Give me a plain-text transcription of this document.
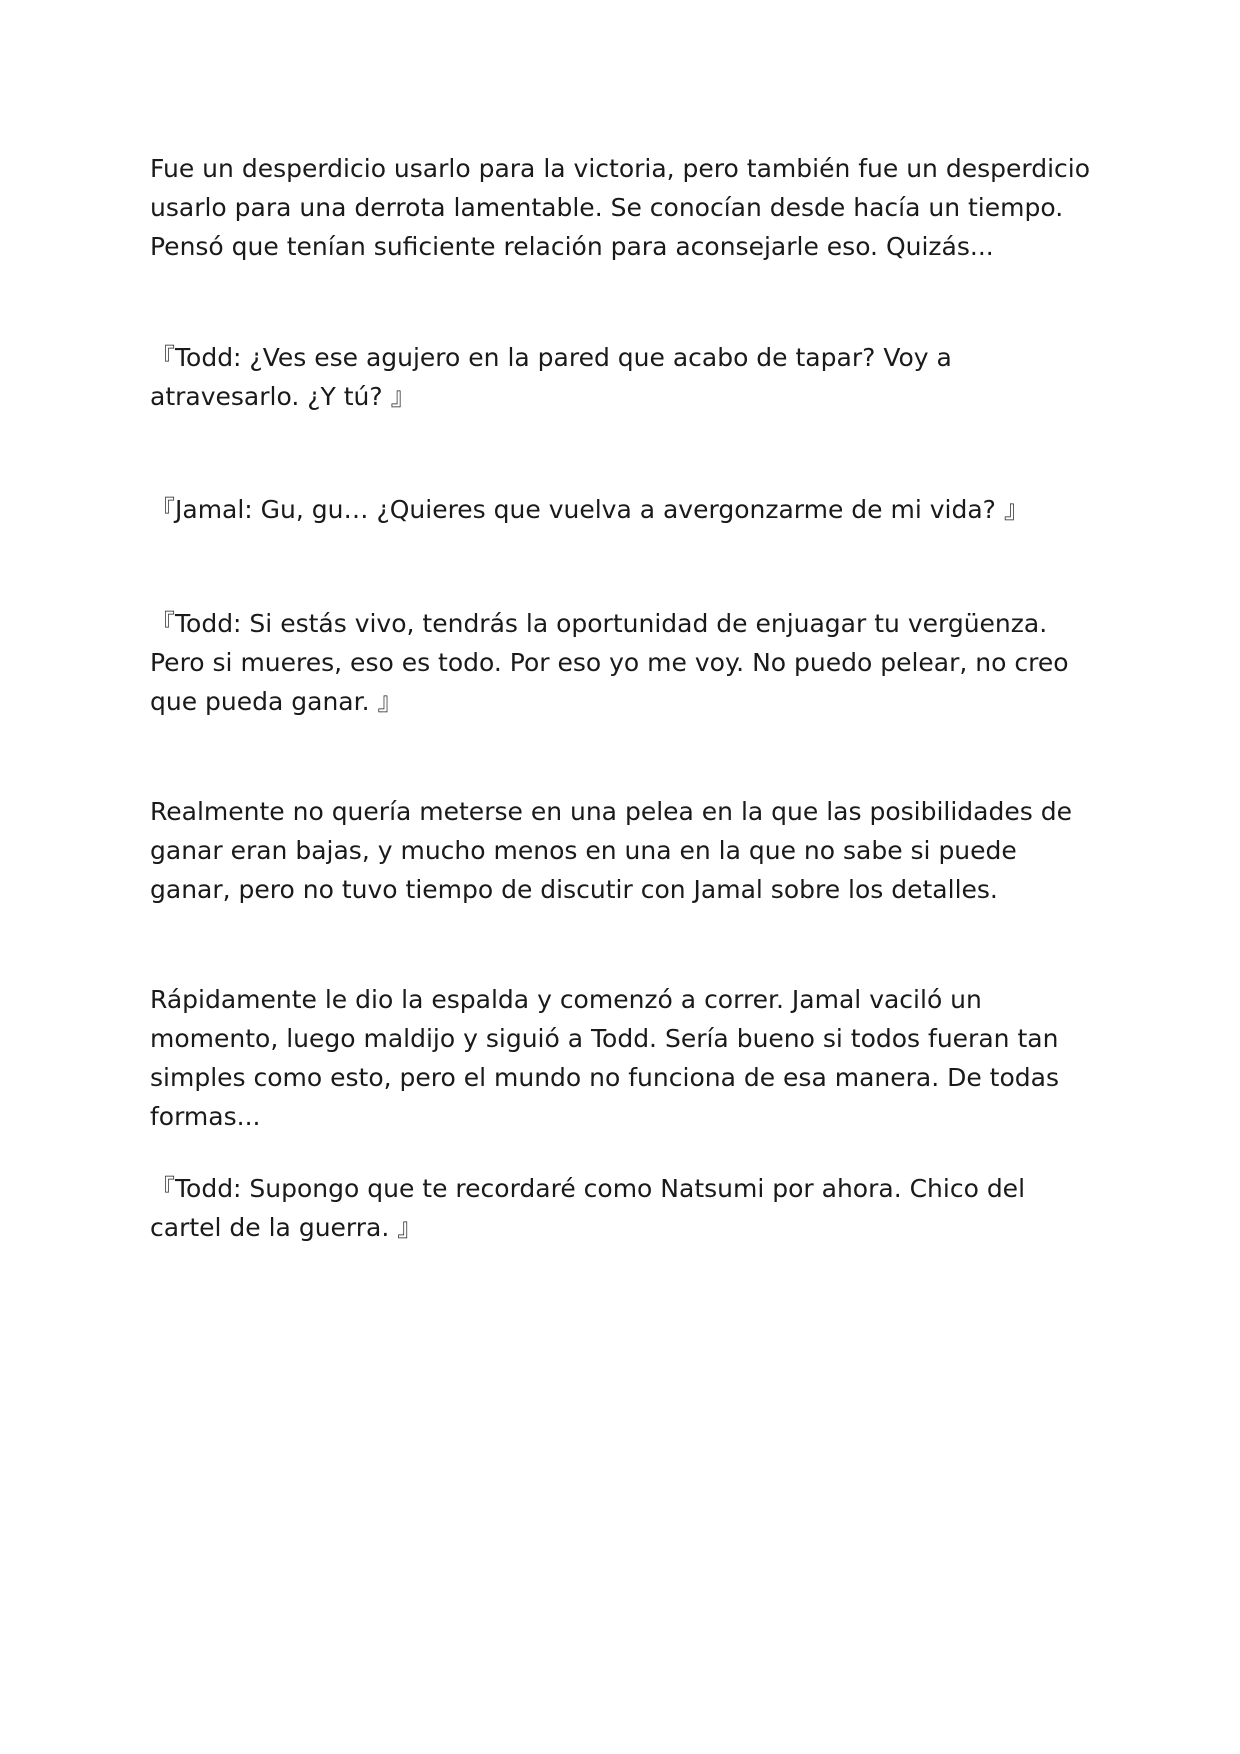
Fue un desperdicio usarlo para la victoria, pero también fue un desperdicio usarlo para una derrota lamentable. Se conocían desde hacía un tiempo. Pensó que tenían suficiente relación para aconsejarle eso. Quizás...

『Todd: ¿Ves ese agujero en la pared que acabo de tapar? Voy a atravesarlo. ¿Y tú? 』

『Jamal: Gu, gu… ¿Quieres que vuelva a avergonzarme de mi vida? 』

『Todd: Si estás vivo, tendrás la oportunidad de enjuagar tu vergüenza. Pero si mueres, eso es todo. Por eso yo me voy. No puedo pelear, no creo que pueda ganar. 』

Realmente no quería meterse en una pelea en la que las posibilidades de ganar eran bajas, y mucho menos en una en la que no sabe si puede ganar, pero no tuvo tiempo de discutir con Jamal sobre los detalles.

Rápidamente le dio la espalda y comenzó a correr. Jamal vaciló un momento, luego maldijo y siguió a Todd. Sería bueno si todos fueran tan simples como esto, pero el mundo no funciona de esa manera. De todas formas...

『Todd: Supongo que te recordaré como Natsumi por ahora. Chico del cartel de la guerra. 』
